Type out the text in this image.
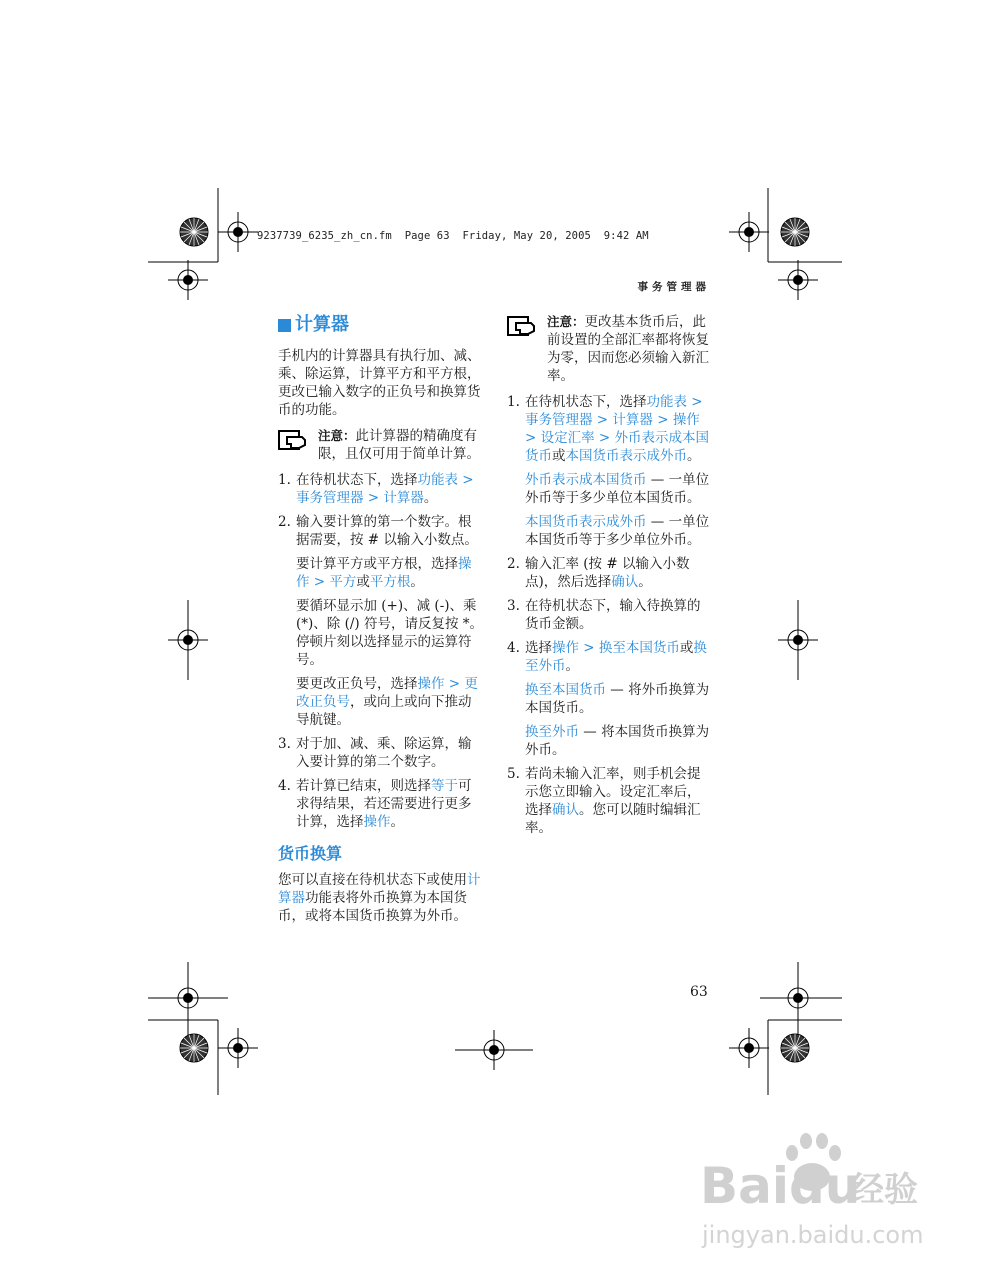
9237739_6235_zh_cn.fm  Page 63  Friday, May 20, 2005  9:42 AM
事务管理器
计算器

手机内的计算器具有执行加、减、乘、除运算，计算平方和平方根，更改已输入数字的正负号和换算货币的功能。

注意：此计算器的精确度有限，且仅可用于简单计算。
1. 在待机状态下，选择功能表 > 事务管理器 > 计算器。
2. 输入要计算的第一个数字。根据需要，按 # 以输入小数点。

要计算平方或平方根，选择操作 > 平方或平方根。

要循环显示加 (+)、减 (-)、乘 (*)、除 (/) 符号，请反复按 *。停顿片刻以选择显示的运算符号。

要更改正负号，选择操作 > 更改正负号，或向上或向下推动导航键。

3. 对于加、减、乘、除运算，输入要计算的第二个数字。
4. 若计算已结束，则选择等于可求得结果，若还需要进行更多计算，选择操作。
货币换算

您可以直接在待机状态下或使用计算器功能表将外币换算为本国货币，或将本国货币换算为外币。

注意：更改基本货币后，此前设置的全部汇率都将恢复为零，因而您必须输入新汇率。
1. 在待机状态下，选择功能表 > 事务管理器 > 计算器 > 操作 > 设定汇率 > 外币表示成本国货币或本国货币表示成外币。

外币表示成本国货币 — 一单位外币等于多少单位本国货币。

本国货币表示成外币 — 一单位本国货币等于多少单位外币。

2. 输入汇率 (按 # 以输入小数点)，然后选择确认。
3. 在待机状态下，输入待换算的货币金额。
4. 选择操作 > 换至本国货币或换至外币。

换至本国货币 — 将外币换算为本国货币。

换至外币 — 将本国货币换算为外币。

5. 若尚未输入汇率，则手机会提示您立即输入。设定汇率后，选择确认。您可以随时编辑汇率。
63
Baidu
经验
jingyan.baidu.com
